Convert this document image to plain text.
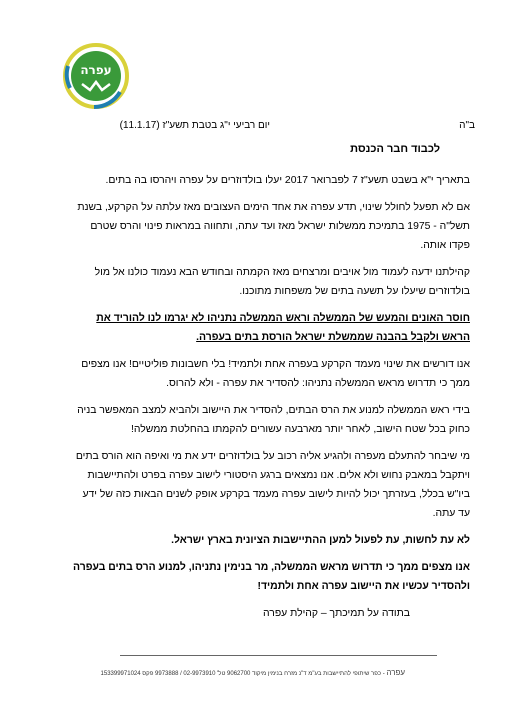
עפרה
ב"ה
יום רביעי י"ג בטבת תשע"ז (11.1.17)

לכבוד חבר הכנסת

בתאריך י"א בשבט תשע"ז 7 לפברואר 2017 יעלו בולדוזרים על עפרה ויהרסו בה בתים.

אם לא תפעל לחולל שינוי, תדע עפרה את אחד הימים העצובים מאז עלתה על הקרקע, בשנת תשל"ה - 1975 בתמיכת ממשלות ישראל מאז ועד עתה, ותחווה במראות פינוי והרס שטרם פקדו אותה.

קהילתנו ידעה לעמוד מול אויבים ומרצחים מאז הקמתה ובחודש הבא נעמוד כולנו אל מול בולדוזרים שיעלו על תשעה בתים של משפחות מתוכנו.

חוסר האונים והמעש של הממשלה וראש הממשלה נתניהו לא יגרמו לנו להוריד את הראש ולקבל בהבנה שממשלת ישראל הורסת בתים בעפרה.

אנו דורשים את שינוי מעמד הקרקע בעפרה אחת ולתמיד! בלי חשבונות פוליטיים! אנו מצפים ממך כי תדרוש מראש הממשלה נתניהו: להסדיר את עפרה - ולא להרוס.

בידי ראש הממשלה למנוע את הרס הבתים, להסדיר את היישוב ולהביא למצב המאפשר בניה כחוק בכל שטח הישוב, לאחר יותר מארבעה עשורים להקמתו בהחלטת ממשלה!

מי שיבחר להתעלם מעפרה ולהגיע אליה רכוב על בולדוזרים ידע את מי ואיפה הוא הורס בתים ויתקבל במאבק נחוש ולא אלים. אנו נמצאים ברגע היסטורי לישוב עפרה בפרט ולהתיישבות ביו"ש בכלל, בעזרתך יכול להיות לישוב עפרה מעמד בקרקע אופק לשנים הבאות כזה של ידע עד עתה.

לא עת לחשות, עת לפעול למען ההתיישבות הציונית בארץ ישראל.

אנו מצפים ממך כי תדרוש מראש הממשלה, מר בנימין נתניהו, למנוע הרס בתים בעפרה ולהסדיר עכשיו את היישוב עפרה אחת ולתמיד!

בתודה על תמיכתך – קהילת עפרה

עפרה - כפר שיתופי להתיישבות בע"מ ד"נ מזרח בנימין מיקוד 9062700 טל' 02-9973910 / 9973888 פקס 153399971024
